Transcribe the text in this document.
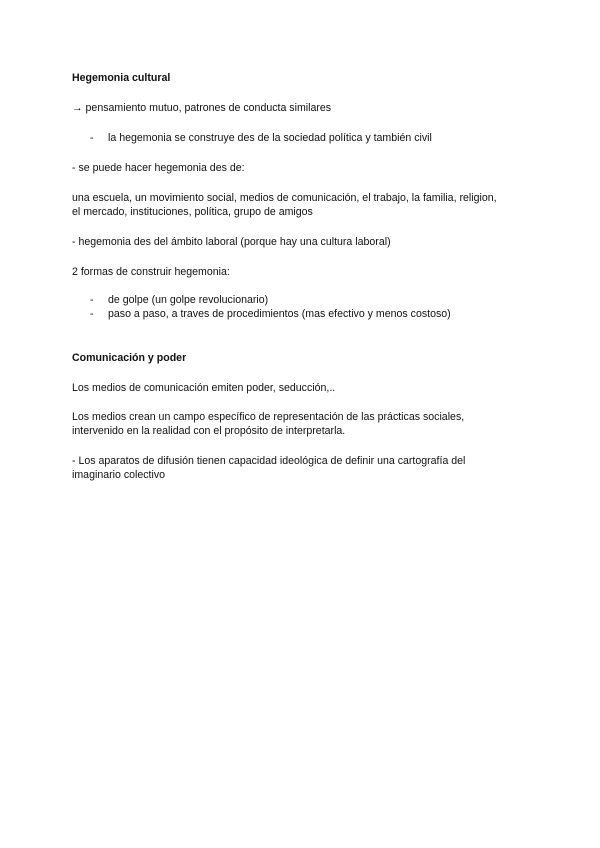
Hegemonia cultural
→ pensamiento mutuo, patrones de conducta similares
- la hegemonia se construye des de la sociedad política y también civil
- se puede hacer hegemonia des de:
una escuela, un movimiento social, medios de comunicación, el trabajo, la familia, religion,
el mercado, instituciones, política, grupo de amigos
- hegemonia des del ámbito laboral (porque hay una cultura laboral)
2 formas de construir hegemonia:
- de golpe (un golpe revolucionario)
- paso a paso, a traves de procedimientos (mas efectivo y menos costoso)
Comunicación y poder
Los medios de comunicación emiten poder, seducción,..
Los medios crean un campo específico de representación de las prácticas sociales,
intervenido en la realidad con el propósito de interpretarla.
- Los aparatos de difusión tienen capacidad ideológica de definir una cartografía del
imaginario colectivo
